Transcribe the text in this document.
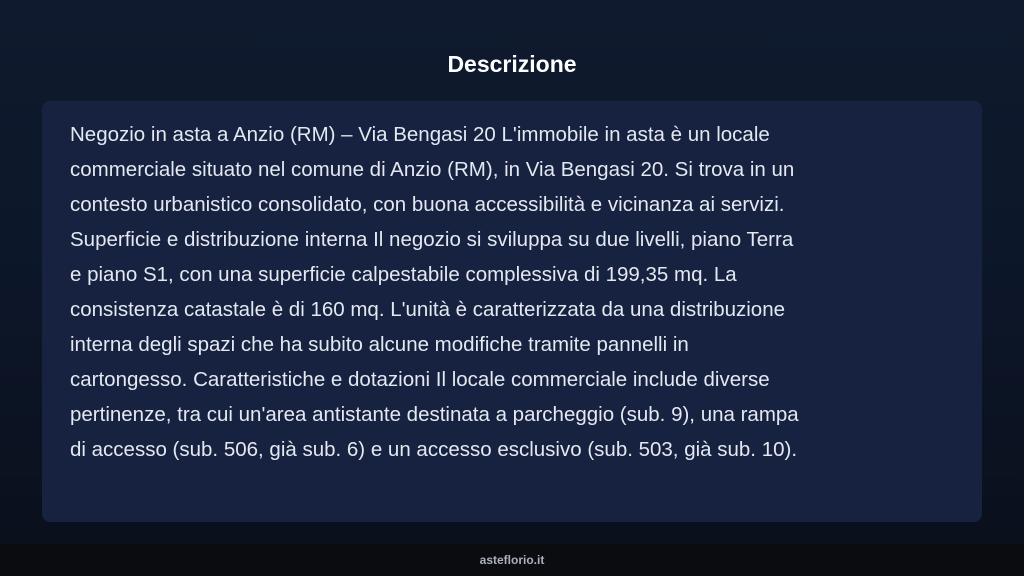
Descrizione

Negozio in asta a Anzio (RM) – Via Bengasi 20 L'immobile in asta è un locale
commerciale situato nel comune di Anzio (RM), in Via Bengasi 20. Si trova in un
contesto urbanistico consolidato, con buona accessibilità e vicinanza ai servizi.
Superficie e distribuzione interna Il negozio si sviluppa su due livelli, piano Terra
e piano S1, con una superficie calpestabile complessiva di 199,35 mq. La
consistenza catastale è di 160 mq. L'unità è caratterizzata da una distribuzione
interna degli spazi che ha subito alcune modifiche tramite pannelli in
cartongesso. Caratteristiche e dotazioni Il locale commerciale include diverse
pertinenze, tra cui un'area antistante destinata a parcheggio (sub. 9), una rampa
di accesso (sub. 506, già sub. 6) e un accesso esclusivo (sub. 503, già sub. 10).

asteflorio.it
